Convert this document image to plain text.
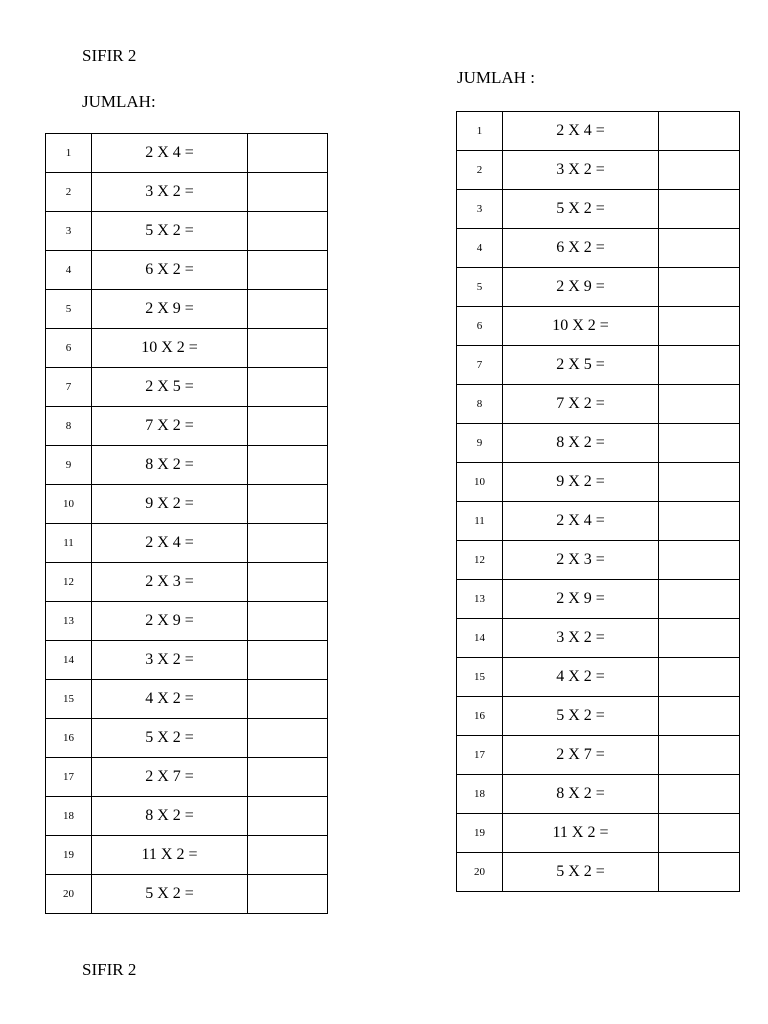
SIFIR 2
JUMLAH:
JUMLAH :
1	2 X 4 =	
2	3 X 2 =	
3	5 X 2 =	
4	6 X 2 =	
5	2 X 9 =	
6	10 X 2 =	
7	2 X 5 =	
8	7 X 2 =	
9	8 X 2 =	
10	9 X 2 =	
11	2 X 4 =	
12	2 X 3 =	
13	2 X 9 =	
14	3 X 2 =	
15	4 X 2 =	
16	5 X 2 =	
17	2 X 7 =	
18	8 X 2 =	
19	11 X 2 =	
20	5 X 2 =	
1	2 X 4 =	
2	3 X 2 =	
3	5 X 2 =	
4	6 X 2 =	
5	2 X 9 =	
6	10 X 2 =	
7	2 X 5 =	
8	7 X 2 =	
9	8 X 2 =	
10	9 X 2 =	
11	2 X 4 =	
12	2 X 3 =	
13	2 X 9 =	
14	3 X 2 =	
15	4 X 2 =	
16	5 X 2 =	
17	2 X 7 =	
18	8 X 2 =	
19	11 X 2 =	
20	5 X 2 =	
SIFIR 2
